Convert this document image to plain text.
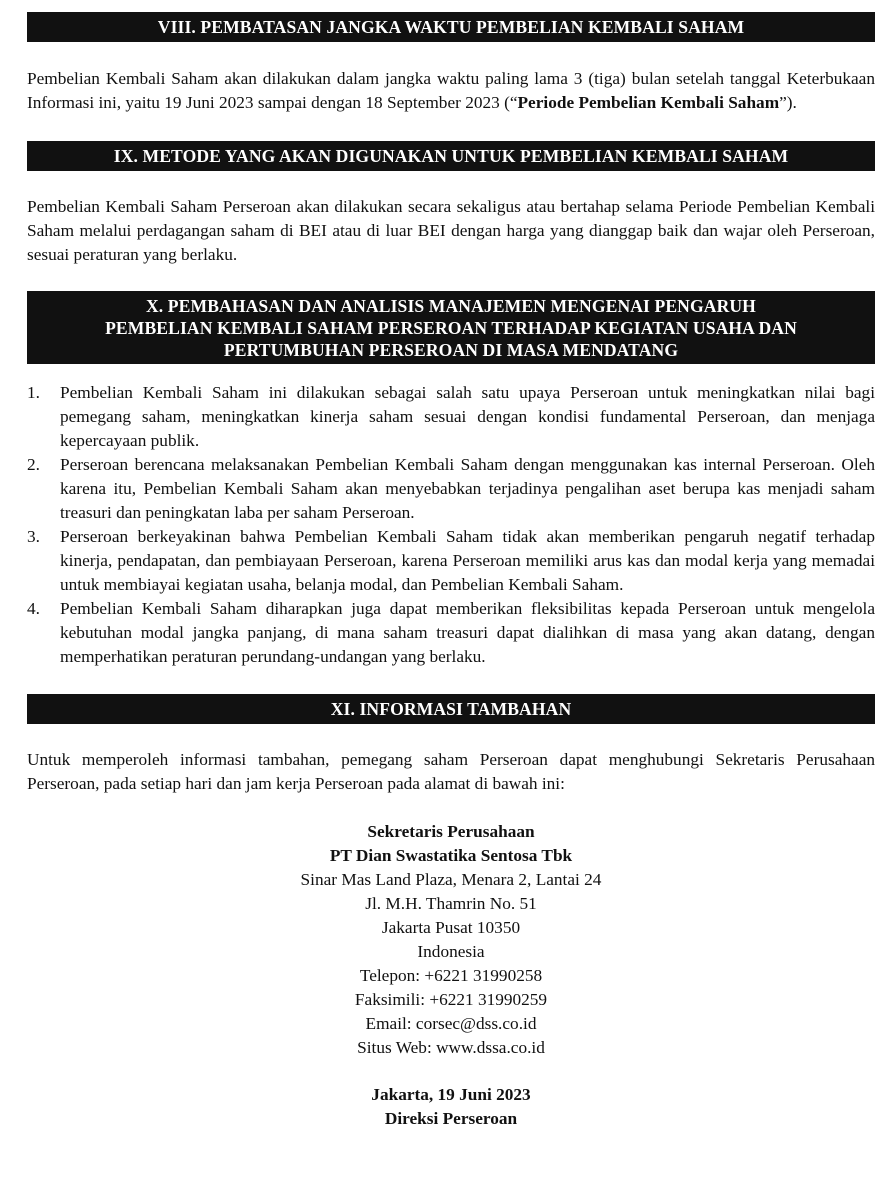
VIII. PEMBATASAN JANGKA WAKTU PEMBELIAN KEMBALI SAHAM

Pembelian Kembali Saham akan dilakukan dalam jangka waktu paling lama 3 (tiga) bulan setelah tanggal Keterbukaan Informasi ini, yaitu 19 Juni 2023 sampai dengan 18 September 2023 (“Periode Pembelian Kembali Saham”).

IX. METODE YANG AKAN DIGUNAKAN UNTUK PEMBELIAN KEMBALI SAHAM

Pembelian Kembali Saham Perseroan akan dilakukan secara sekaligus atau bertahap selama Periode Pembelian Kembali Saham melalui perdagangan saham di BEI atau di luar BEI dengan harga yang dianggap baik dan wajar oleh Perseroan, sesuai peraturan yang berlaku.

X. PEMBAHASAN DAN ANALISIS MANAJEMEN MENGENAI PENGARUH
PEMBELIAN KEMBALI SAHAM PERSEROAN TERHADAP KEGIATAN USAHA DAN
PERTUMBUHAN PERSEROAN DI MASA MENDATANG
1.	Pembelian Kembali Saham ini dilakukan sebagai salah satu upaya Perseroan untuk meningkatkan nilai bagi pemegang saham, meningkatkan kinerja saham sesuai dengan kondisi fundamental Perseroan, dan menjaga kepercayaan publik.
2.	Perseroan berencana melaksanakan Pembelian Kembali Saham dengan menggunakan kas internal Perseroan. Oleh karena itu, Pembelian Kembali Saham akan menyebabkan terjadinya pengalihan aset berupa kas menjadi saham treasuri dan peningkatan laba per saham Perseroan.
3.	Perseroan berkeyakinan bahwa Pembelian Kembali Saham tidak akan memberikan pengaruh negatif terhadap kinerja, pendapatan, dan pembiayaan Perseroan, karena Perseroan memiliki arus kas dan modal kerja yang memadai untuk membiayai kegiatan usaha, belanja modal, dan Pembelian Kembali Saham.
4.	Pembelian Kembali Saham diharapkan juga dapat memberikan fleksibilitas kepada Perseroan untuk mengelola kebutuhan modal jangka panjang, di mana saham treasuri dapat dialihkan di masa yang akan datang, dengan memperhatikan peraturan perundang-undangan yang berlaku.
XI. INFORMASI TAMBAHAN

Untuk memperoleh informasi tambahan, pemegang saham Perseroan dapat menghubungi Sekretaris Perusahaan Perseroan, pada setiap hari dan jam kerja Perseroan pada alamat di bawah ini:

Sekretaris Perusahaan
PT Dian Swastatika Sentosa Tbk
Sinar Mas Land Plaza, Menara 2, Lantai 24
Jl. M.H. Thamrin No. 51
Jakarta Pusat 10350
Indonesia
Telepon: +6221 31990258
Faksimili: +6221 31990259
Email: corsec@dss.co.id
Situs Web: www.dssa.co.id
Jakarta, 19 Juni 2023
Direksi Perseroan
